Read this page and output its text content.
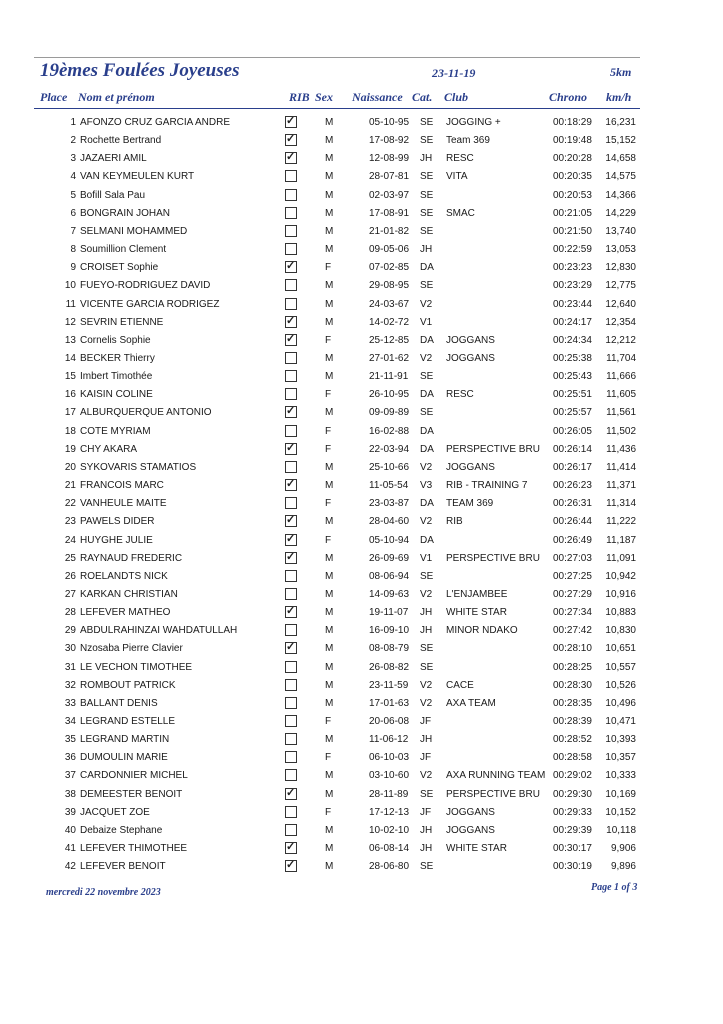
19èmes Foulées Joyeuses	23-11-19	5km
Place Nom et prénom	RIB Sex Naissance Cat. Club	Chrono km/h
1 AFONZO CRUZ GARCIA ANDRE ✓	M	05-10-95 SE JOGGING +	00:18:29	16,231
2 Rochette Bertrand ✓	M	17-08-92 SE Team 369	00:19:48	15,152
3 JAZAERI AMIL ✓	M	12-08-99 JH RESC	00:20:28	14,658
4 VAN KEYMEULEN KURT	M	28-07-81 SE VITA	00:20:35	14,575
5 Bofill Sala Pau	M	02-03-97 SE	00:20:53	14,366
6 BONGRAIN JOHAN	M	17-08-91 SE SMAC	00:21:05	14,229
7 SELMANI MOHAMMED	M	21-01-82 SE	00:21:50	13,740
8 Soumillion Clement	M	09-05-06 JH	00:22:59	13,053
9 CROISET Sophie ✓	F	07-02-85 DA	00:23:23	12,830
10 FUEYO-RODRIGUEZ DAVID	M	29-08-95 SE	00:23:29	12,775
11 VICENTE GARCIA RODRIGEZ	M	24-03-67 V2	00:23:44	12,640
12 SEVRIN ETIENNE ✓	M	14-02-72 V1	00:24:17	12,354
13 Cornelis Sophie ✓	F	25-12-85 DA JOGGANS	00:24:34	12,212
14 BECKER Thierry	M	27-01-62 V2 JOGGANS	00:25:38	11,704
15 Imbert Timothée	M	21-11-91 SE	00:25:43	11,666
16 KAISIN COLINE	F	26-10-95 DA RESC	00:25:51	11,605
17 ALBURQUERQUE ANTONIO ✓	M	09-09-89 SE	00:25:57	11,561
18 COTE MYRIAM	F	16-02-88 DA	00:26:05	11,502
19 CHY AKARA ✓	F	22-03-94 DA PERSPECTIVE BRU 00:26:14	11,436
20 SYKOVARIS STAMATIOS	M	25-10-66 V2 JOGGANS	00:26:17	11,414
21 FRANCOIS MARC ✓	M	11-05-54 V3 RIB - TRAINING 7	00:26:23	11,371
22 VANHEULE MAITE	F	23-03-87 DA TEAM 369	00:26:31	11,314
23 PAWELS DIDER ✓	M	28-04-60 V2 RIB	00:26:44	11,222
24 HUYGHE JULIE ✓	F	05-10-94 DA	00:26:49	11,187
25 RAYNAUD FREDERIC ✓	M	26-09-69 V1 PERSPECTIVE BRU 00:27:03	11,091
26 ROELANDTS NICK	M	08-06-94 SE	00:27:25	10,942
27 KARKAN CHRISTIAN	M	14-09-63 V2 L'ENJAMBEE	00:27:29	10,916
28 LEFEVER MATHEO ✓	M	19-11-07 JH WHITE STAR	00:27:34	10,883
29 ABDULRAHINZAI WAHDATULLAH	M	16-09-10 JH MINOR NDAKO	00:27:42	10,830
30 Nzosaba Pierre Clavier ✓	M	08-08-79 SE	00:28:10	10,651
31 LE VECHON TIMOTHEE	M	26-08-82 SE	00:28:25	10,557
32 ROMBOUT PATRICK	M	23-11-59 V2 CACE	00:28:30	10,526
33 BALLANT DENIS	M	17-01-63 V2 AXA TEAM	00:28:35	10,496
34 LEGRAND ESTELLE	F	20-06-08 JF	00:28:39	10,471
35 LEGRAND MARTIN	M	11-06-12 JH	00:28:52	10,393
36 DUMOULIN MARIE	F	06-10-03 JF	00:28:58	10,357
37 CARDONNIER MICHEL	M	03-10-60 V2 AXA RUNNING TEAM 00:29:02	10,333
38 DEMEESTER BENOIT ✓	M	28-11-89 SE PERSPECTIVE BRU 00:29:30	10,169
39 JACQUET ZOE	F	17-12-13 JF JOGGANS	00:29:33	10,152
40 Debaize Stephane	M	10-02-10 JH JOGGANS	00:29:39	10,118
41 LEFEVER THIMOTHEE ✓	M	06-08-14 JH WHITE STAR	00:30:17	9,906
42 LEFEVER BENOIT ✓	M	28-06-80 SE	00:30:19	9,896
mercredi 22 novembre 2023	Page 1 of 3
